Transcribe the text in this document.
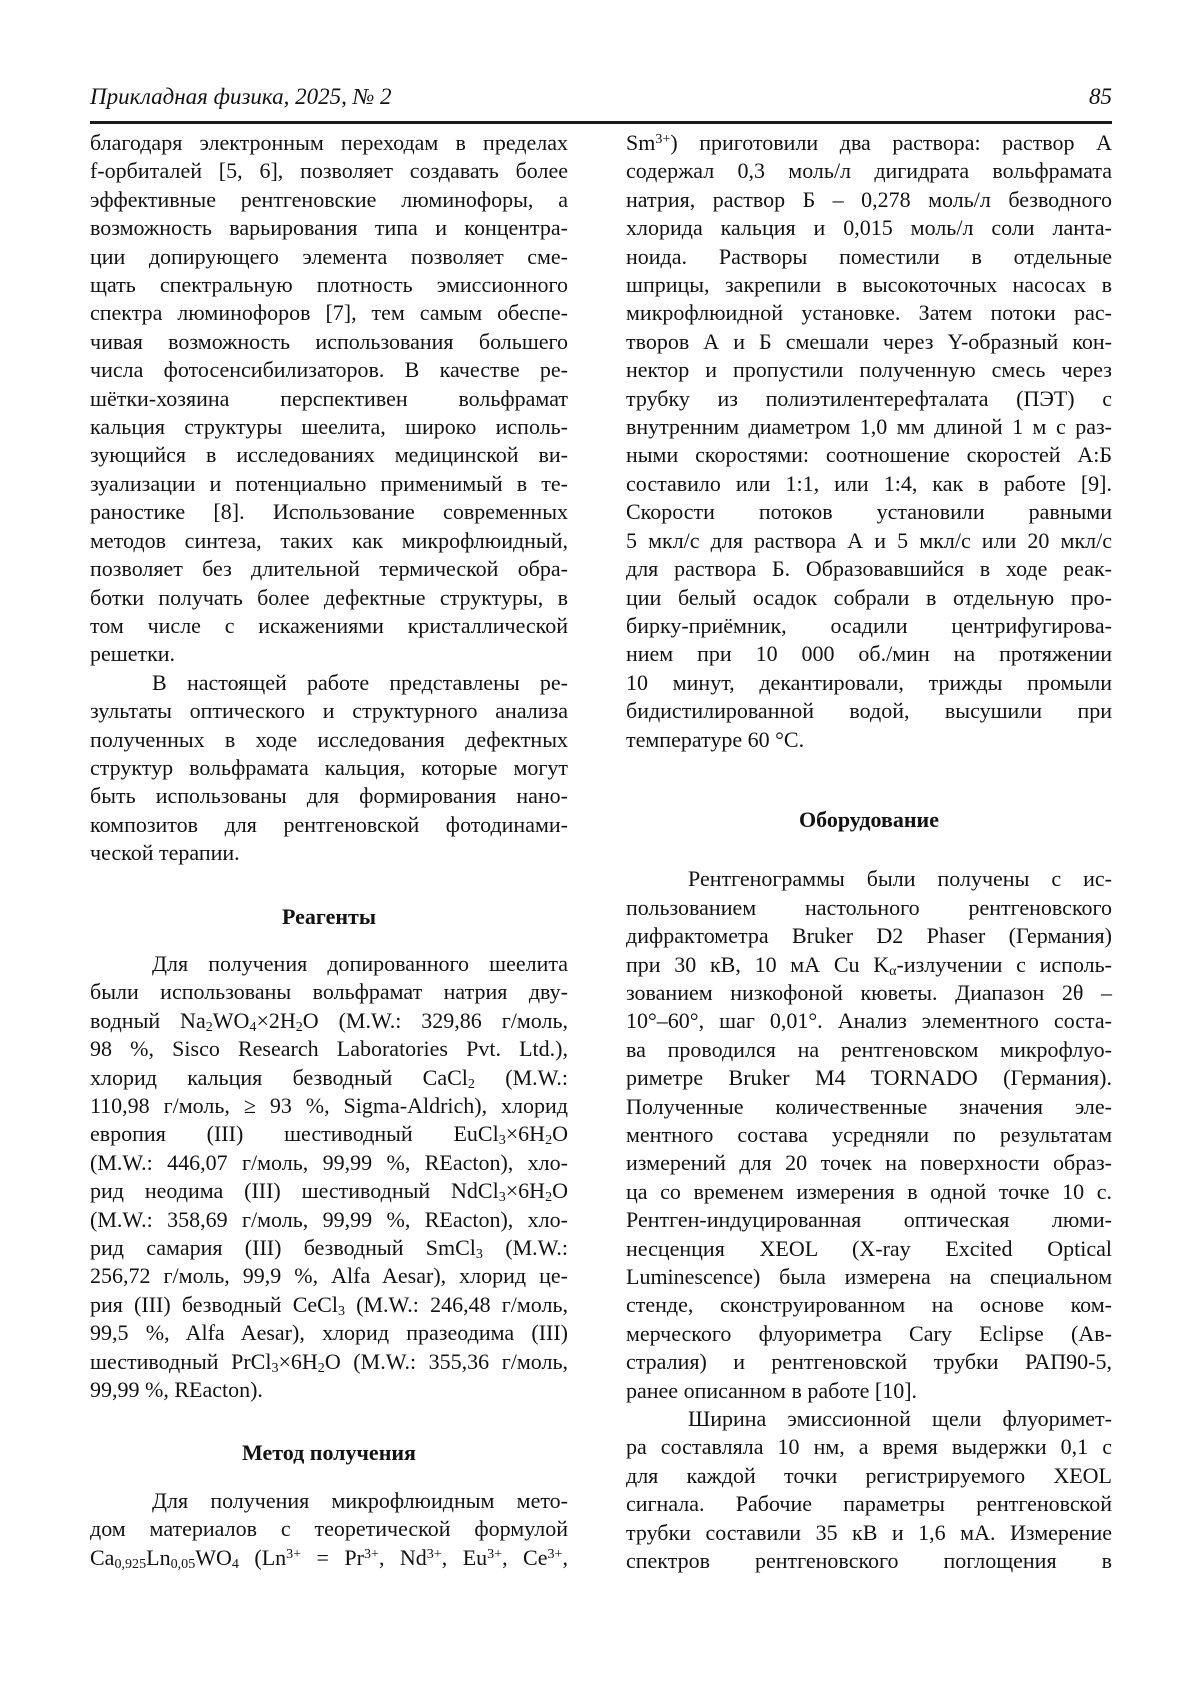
Прикладная физика, 2025, № 2	85
благодаря электронным переходам в пределах
f-орбиталей [5, 6], позволяет создавать более
эффективные рентгеновские люминофоры, а
возможность варьирования типа и концентра-
ции допирующего элемента позволяет сме-
щать спектральную плотность эмиссионного
спектра люминофоров [7], тем самым обеспе-
чивая возможность использования большего
числа фотосенсибилизаторов. В качестве ре-
шётки-хозяина перспективен вольфрамат
кальция структуры шеелита, широко исполь-
зующийся в исследованиях медицинской ви-
зуализации и потенциально применимый в те-
раностике [8]. Использование современных
методов синтеза, таких как микрофлюидный,
позволяет без длительной термической обра-
ботки получать более дефектные структуры, в
том числе с искажениями кристаллической
решетки.
В настоящей работе представлены ре-
зультаты оптического и структурного анализа
полученных в ходе исследования дефектных
структур вольфрамата кальция, которые могут
быть использованы для формирования нано-
композитов для рентгеновской фотодинами-
ческой терапии.
Реагенты
Для получения допированного шеелита
были использованы вольфрамат натрия дву-
водный $Na_2WO_4\times 2H_2O$ (M.W.: 329,86 г/моль,
98 %, Sisco Research Laboratories Pvt. Ltd.),
хлорид кальция безводный CaCl$_2$ (M.W.:
110,98 г/моль, ≥ 93 %, Sigma-Aldrich), хлорид
европия (III) шестиводный $EuCl_3\times 6H_2O$
(M.W.: 446,07 г/моль, 99,99 %, REacton), хло-
рид неодима (III) шестиводный $NdCl_3\times 6H_2O$
(M.W.: 358,69 г/моль, 99,99 %, REacton), хло-
рид самария (III) безводный SmCl$_3$ (M.W.:
256,72 г/моль, 99,9 %, Alfa Aesar), хлорид це-
рия (III) безводный CeCl$_3$ (M.W.: 246,48 г/моль,
99,5 %, Alfa Aesar), хлорид празеодима (III)
шестиводный $PrCl_3\times 6H_2O$ (M.W.: 355,36 г/моль,
99,99 %, REacton).
Метод получения
Для получения микрофлюидным мето-
дом материалов с теоретической формулой
$Ca_{0,925}Ln_{0,05}WO_4$ ($Ln^{3+} = Pr^{3+}$, $Nd^{3+}$, $Eu^{3+}$, $Ce^{3+}$,
$Sm^{3+}$) приготовили два раствора: раствор А
содержал 0,3 моль/л дигидрата вольфрамата
натрия, раствор Б – 0,278 моль/л безводного
хлорида кальция и 0,015 моль/л соли ланта-
ноида. Растворы поместили в отдельные
шприцы, закрепили в высокоточных насосах в
микрофлюидной установке. Затем потоки рас-
творов А и Б смешали через Y-образный кон-
нектор и пропустили полученную смесь через
трубку из полиэтилентерефталата (ПЭТ) с
внутренним диаметром 1,0 мм длиной 1 м с раз-
ными скоростями: соотношение скоростей А:Б
составило или 1:1, или 1:4, как в работе [9].
Скорости потоков установили равными
5 мкл/с для раствора А и 5 мкл/с или 20 мкл/с
для раствора Б. Образовавшийся в ходе реак-
ции белый осадок собрали в отдельную про-
бирку-приёмник, осадили центрифугирова-
нием при 10 000 об./мин на протяжении
10 минут, декантировали, трижды промыли
бидистилированной водой, высушили при
температуре 60 °C.
Оборудование
Рентгенограммы были получены с ис-
пользованием настольного рентгеновского
дифрактометра Bruker D2 Phaser (Германия)
при 30 кВ, 10 мА Cu $K_\alpha$-излучении с исполь-
зованием низкофоной кюветы. Диапазон 2θ –
10°–60°, шаг 0,01°. Анализ элементного соста-
ва проводился на рентгеновском микрофлуо-
риметре Bruker M4 TORNADO (Германия).
Полученные количественные значения эле-
ментного состава усредняли по результатам
измерений для 20 точек на поверхности образ-
ца со временем измерения в одной точке 10 с.
Рентген-индуцированная оптическая люми-
несценция XEOL (X-ray Excited Optical
Luminescence) была измерена на специальном
стенде, сконструированном на основе ком-
мерческого флуориметра Cary Eclipse (Ав-
стралия) и рентгеновской трубки РАП90-5,
ранее описанном в работе [10].
Ширина эмиссионной щели флуоримет-
ра составляла 10 нм, а время выдержки 0,1 с
для каждой точки регистрируемого XEOL
сигнала. Рабочие параметры рентгеновской
трубки составили 35 кВ и 1,6 мА. Измерение
спектров рентгеновского поглощения в
